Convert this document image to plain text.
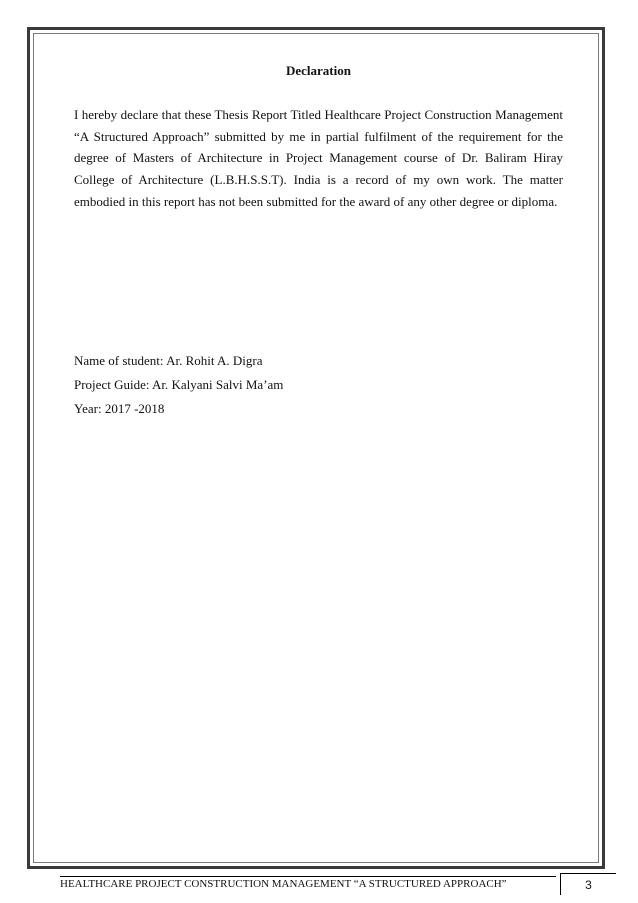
Declaration

I hereby declare that these Thesis Report Titled Healthcare Project Construction Management “A Structured Approach” submitted by me in partial fulfilment of the requirement for the degree of Masters of Architecture in Project Management course of Dr. Baliram Hiray College of Architecture (L.B.H.S.S.T). India is a record of my own work. The matter embodied in this report has not been submitted for the award of any other degree or diploma.

Name of student: Ar. Rohit A. Digra
Project Guide: Ar. Kalyani Salvi Ma’am
Year: 2017 -2018
HEALTHCARE PROJECT CONSTRUCTION MANAGEMENT “A STRUCTURED APPROACH”	3
